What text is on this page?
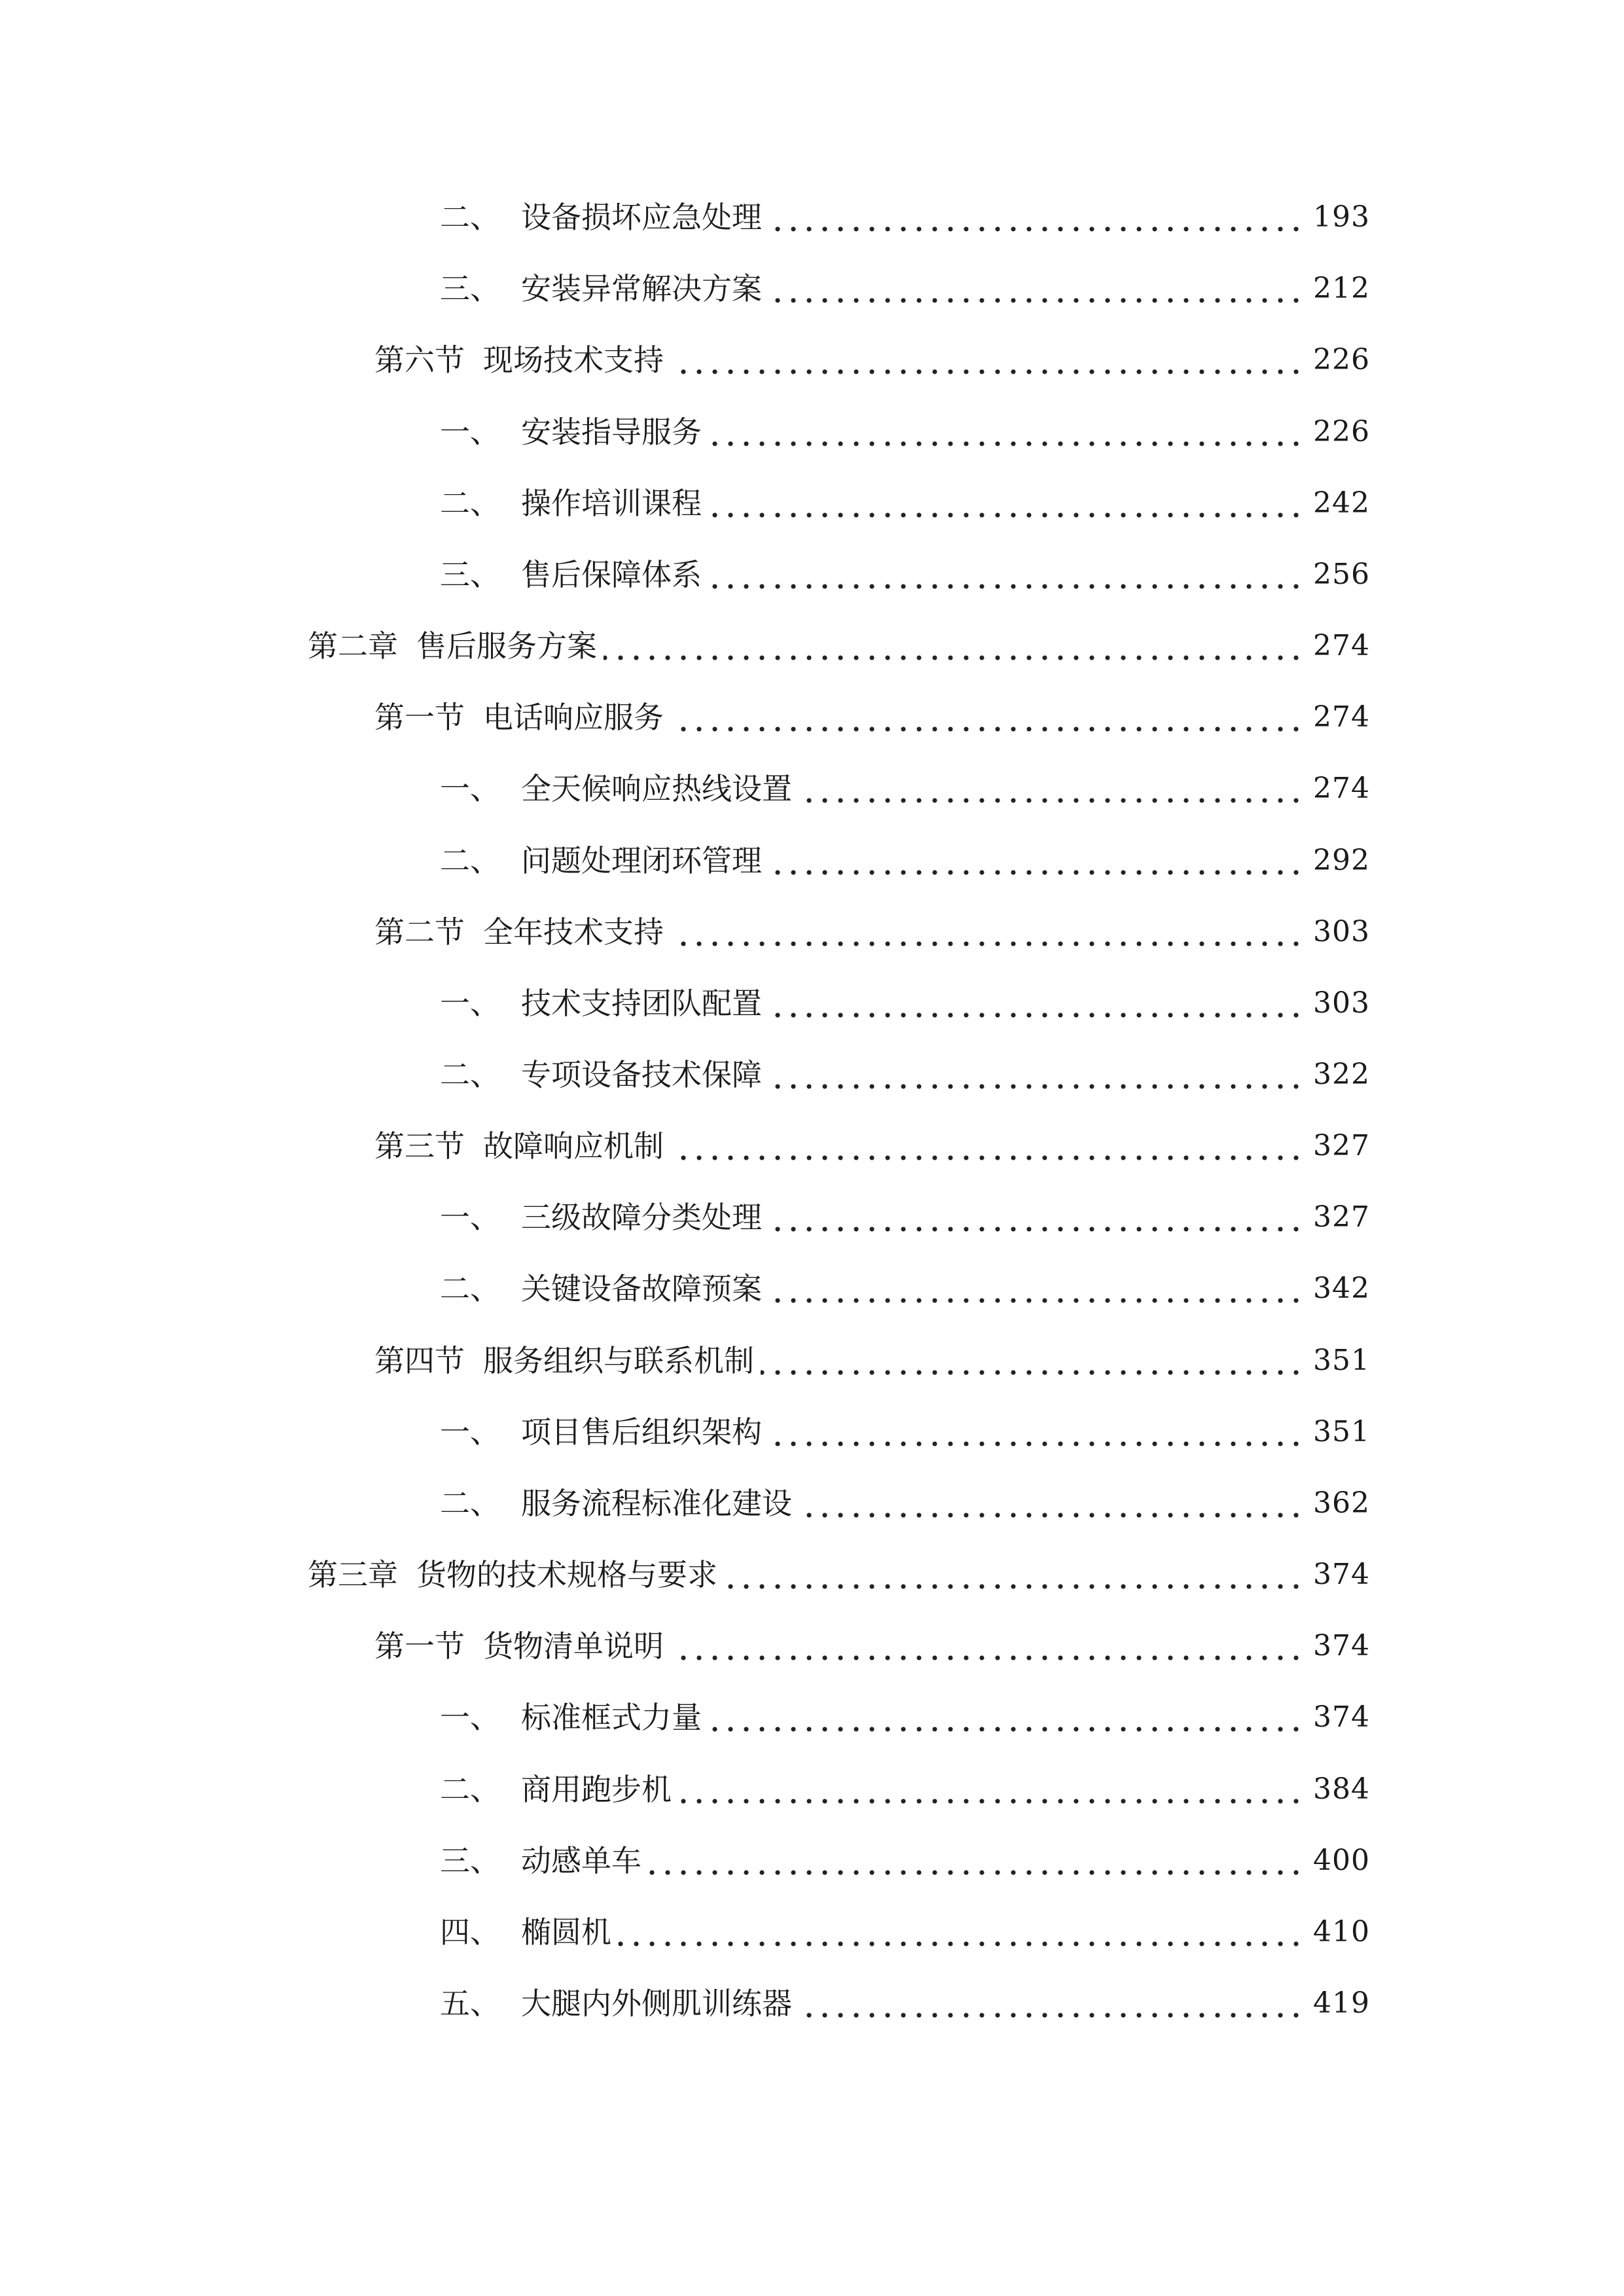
二、 设备损坏应急处理	193
三、 安装异常解决方案	212
第六节 现场技术支持	226
一、 安装指导服务	226
二、 操作培训课程	242
三、 售后保障体系	256
第二章 售后服务方案	274
第一节 电话响应服务	274
一、 全天候响应热线设置	274
二、 问题处理闭环管理	292
第二节 全年技术支持	303
一、 技术支持团队配置	303
二、 专项设备技术保障	322
第三节 故障响应机制	327
一、 三级故障分类处理	327
二、 关键设备故障预案	342
第四节 服务组织与联系机制	351
一、 项目售后组织架构	351
二、 服务流程标准化建设	362
第三章 货物的技术规格与要求	374
第一节 货物清单说明	374
一、 标准框式力量	374
二、 商用跑步机	384
三、 动感单车	400
四、 椭圆机	410
五、 大腿内外侧肌训练器	419
